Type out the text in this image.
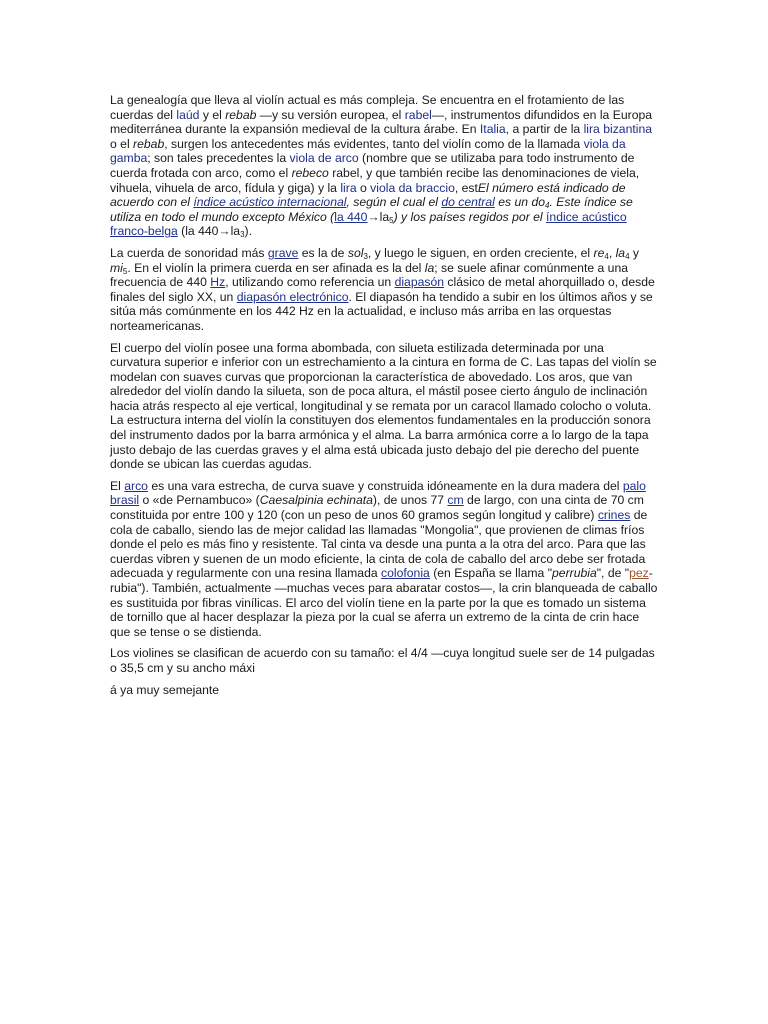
La genealogía que lleva al violín actual es más compleja. Se encuentra en el frotamiento de las cuerdas del laúd y el rebab —y su versión europea, el rabel—, instrumentos difundidos en la Europa mediterránea durante la expansión medieval de la cultura árabe. En Italia, a partir de la lira bizantina o el rebab, surgen los antecedentes más evidentes, tanto del violín como de la llamada viola da gamba; son tales precedentes la viola de arco (nombre que se utilizaba para todo instrumento de cuerda frotada con arco, como el rebeco rabel, y que también recibe las denominaciones de viela, vihuela, vihuela de arco, fídula y giga) y la lira o viola da braccio, estEl número está indicado de acuerdo con el índice acústico internacional, según el cual el do central es un $do_4$. Este índice se utiliza en todo el mundo excepto México (la $440\to la_5$) y los países regidos por el índice acústico franco-belga (la $440\to la_3$).

La cuerda de sonoridad más grave es la de sol$_3$, y luego le siguen, en orden creciente, el $re_4$, $la_4$ y $mi_5$. En el violín la primera cuerda en ser afinada es la del la; se suele afinar comúnmente a una frecuencia de 440 Hz, utilizando como referencia un diapasón clásico de metal ahorquillado o, desde finales del siglo XX, un diapasón electrónico. El diapasón ha tendido a subir en los últimos años y se sitúa más comúnmente en los 442 Hz en la actualidad, e incluso más arriba en las orquestas norteamericanas.

El cuerpo del violín posee una forma abombada, con silueta estilizada determinada por una curvatura superior e inferior con un estrechamiento a la cintura en forma de C. Las tapas del violín se modelan con suaves curvas que proporcionan la característica de abovedado. Los aros, que van alrededor del violín dando la silueta, son de poca altura, el mástil posee cierto ángulo de inclinación hacia atrás respecto al eje vertical, longitudinal y se remata por un caracol llamado colocho o voluta. La estructura interna del violín la constituyen dos elementos fundamentales en la producción sonora del instrumento dados por la barra armónica y el alma. La barra armónica corre a lo largo de la tapa justo debajo de las cuerdas graves y el alma está ubicada justo debajo del pie derecho del puente donde se ubican las cuerdas agudas.

El arco es una vara estrecha, de curva suave y construida idóneamente en la dura madera del palo brasil o «de Pernambuco» (Caesalpinia echinata), de unos 77 cm de largo, con una cinta de 70 cm constituida por entre 100 y 120 (con un peso de unos 60 gramos según longitud y calibre) crines de cola de caballo, siendo las de mejor calidad las llamadas "Mongolia", que provienen de climas fríos donde el pelo es más fino y resistente. Tal cinta va desde una punta a la otra del arco. Para que las cuerdas vibren y suenen de un modo eficiente, la cinta de cola de caballo del arco debe ser frotada adecuada y regularmente con una resina llamada colofonia (en España se llama "perrubia", de "pez-rubia"). También, actualmente —muchas veces para abaratar costos—, la crin blanqueada de caballo es sustituida por fibras vinílicas. El arco del violín tiene en la parte por la que es tomado un sistema de tornillo que al hacer desplazar la pieza por la cual se aferra un extremo de la cinta de crin hace que se tense o se distienda.

Los violines se clasifican de acuerdo con su tamaño: el 4/4 —cuya longitud suele ser de 14 pulgadas o 35,5 cm y su ancho máxi

á ya muy semejante
